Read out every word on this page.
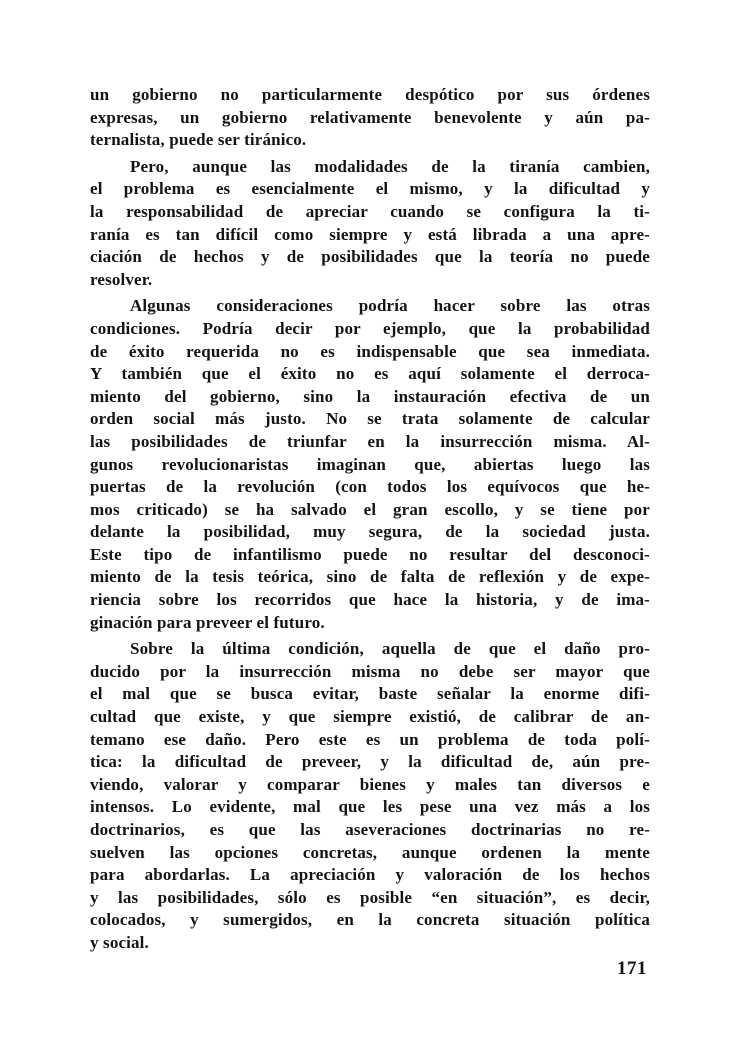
un gobierno no particularmente despótico por sus órdenes
expresas, un gobierno relativamente benevolente y aún pa-
ternalista, puede ser tiránico.
Pero, aunque las modalidades de la tiranía cambien,
el problema es esencialmente el mismo, y la dificultad y
la responsabilidad de apreciar cuando se configura la ti-
ranía es tan difícil como siempre y está librada a una apre-
ciación de hechos y de posibilidades que la teoría no puede
resolver.
Algunas consideraciones podría hacer sobre las otras
condiciones. Podría decir por ejemplo, que la probabilidad
de éxito requerida no es indispensable que sea inmediata.
Y también que el éxito no es aquí solamente el derroca-
miento del gobierno, sino la instauración efectiva de un
orden social más justo. No se trata solamente de calcular
las posibilidades de triunfar en la insurrección misma. Al-
gunos revolucionaristas imaginan que, abiertas luego las
puertas de la revolución (con todos los equívocos que he-
mos criticado) se ha salvado el gran escollo, y se tiene por
delante la posibilidad, muy segura, de la sociedad justa.
Este tipo de infantilismo puede no resultar del desconoci-
miento de la tesis teórica, sino de falta de reflexión y de expe-
riencia sobre los recorridos que hace la historia, y de ima-
ginación para preveer el futuro.
Sobre la última condición, aquella de que el daño pro-
ducido por la insurrección misma no debe ser mayor que
el mal que se busca evitar, baste señalar la enorme difi-
cultad que existe, y que siempre existió, de calibrar de an-
temano ese daño. Pero este es un problema de toda polí-
tica: la dificultad de preveer, y la dificultad de, aún pre-
viendo, valorar y comparar bienes y males tan diversos e
intensos. Lo evidente, mal que les pese una vez más a los
doctrinarios, es que las aseveraciones doctrinarias no re-
suelven las opciones concretas, aunque ordenen la mente
para abordarlas. La apreciación y valoración de los hechos
y las posibilidades, sólo es posible “en situación”, es decir,
colocados, y sumergidos, en la concreta situación política
y social.
171
